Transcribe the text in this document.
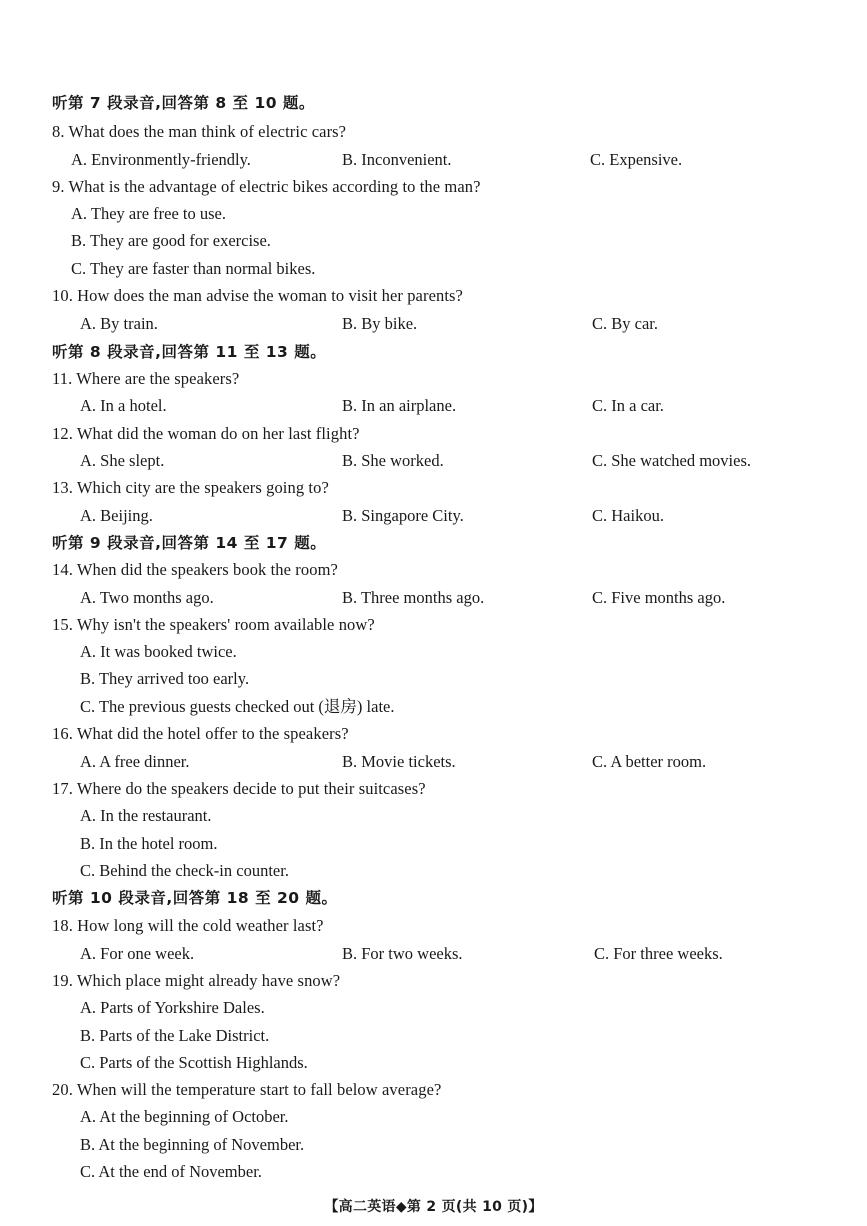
听第 7 段录音,回答第 8 至 10 题。
8. What does the man think of electric cars?
A. Environmently-friendly.	B. Inconvenient.	C. Expensive.
9. What is the advantage of electric bikes according to the man?
A. They are free to use.
B. They are good for exercise.
C. They are faster than normal bikes.
10. How does the man advise the woman to visit her parents?
A. By train.	B. By bike.	C. By car.
听第 8 段录音,回答第 11 至 13 题。
11. Where are the speakers?
A. In a hotel.	B. In an airplane.	C. In a car.
12. What did the woman do on her last flight?
A. She slept.	B. She worked.	C. She watched movies.
13. Which city are the speakers going to?
A. Beijing.	B. Singapore City.	C. Haikou.
听第 9 段录音,回答第 14 至 17 题。
14. When did the speakers book the room?
A. Two months ago.	B. Three months ago.	C. Five months ago.
15. Why isn't the speakers' room available now?
A. It was booked twice.
B. They arrived too early.
C. The previous guests checked out (退房) late.
16. What did the hotel offer to the speakers?
A. A free dinner.	B. Movie tickets.	C. A better room.
17. Where do the speakers decide to put their suitcases?
A. In the restaurant.
B. In the hotel room.
C. Behind the check-in counter.
听第 10 段录音,回答第 18 至 20 题。
18. How long will the cold weather last?
A. For one week.	B. For two weeks.	C. For three weeks.
19. Which place might already have snow?
A. Parts of Yorkshire Dales.
B. Parts of the Lake District.
C. Parts of the Scottish Highlands.
20. When will the temperature start to fall below average?
A. At the beginning of October.
B. At the beginning of November.
C. At the end of November.
【高二英语◆第 2 页(共 10 页)】
